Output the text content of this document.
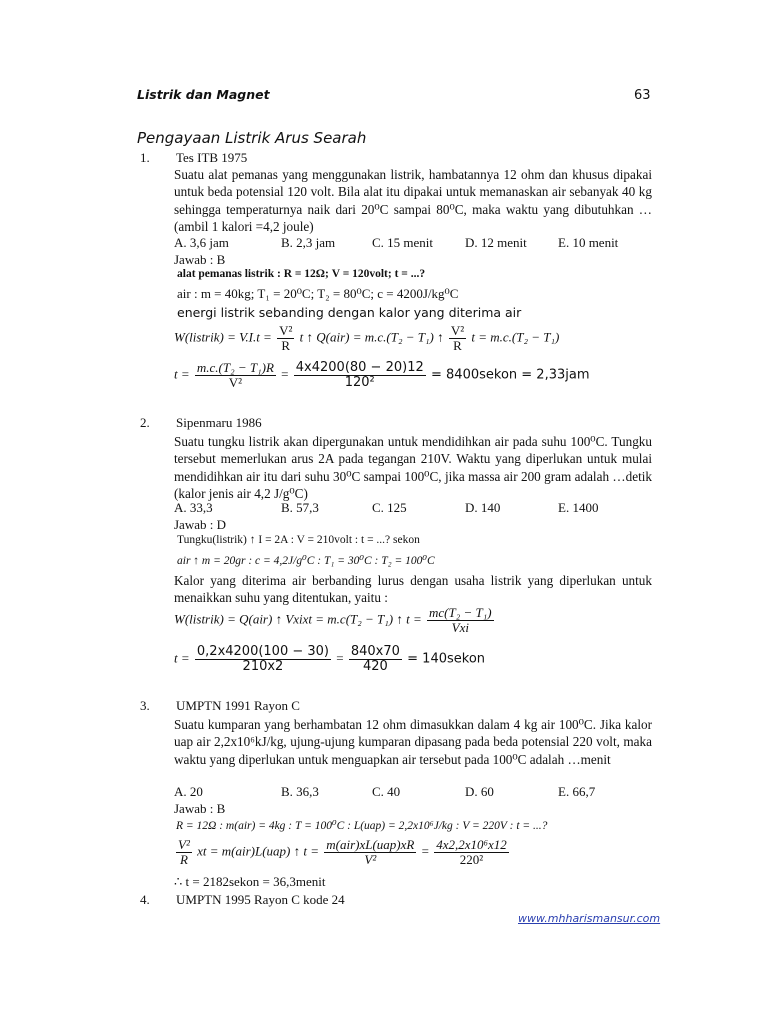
Listrik dan Magnet	63
Pengayaan Listrik Arus Searah
1. Tes ITB 1975
Suatu alat pemanas yang menggunakan listrik, hambatannya 12 ohm dan khusus dipakai untuk beda potensial 120 volt. Bila alat itu dipakai untuk memanaskan air sebanyak 40 kg sehingga temperaturnya naik dari 20⁰C sampai 80⁰C, maka waktu yang dibutuhkan …(ambil 1 kalori =4,2 joule)
A. 3,6 jam	B. 2,3 jam	C. 15 menit D. 12 menit E. 10 menit
Jawab : B
alat pemanas listrik : R = 12Ω; V = 120volt; t = ...?
air : m = 40kg; T₁ = 20⁰C; T₂ = 80⁰C; c = 4200J/kg⁰C
energi listrik sebanding dengan kalor yang diterima air
W(listrik) = $V.I.t = \frac{\text{V²}}{R}$ t ↑ Q(air) = m.c.(T₂ − T₁) ↑ $\frac{\text{V²}}{R}$ t = m.c.(T₂ − T₁)
$t = \frac{\text{m.c.(T₂ − T₁)R}}{\text{V²}} = \frac{4x4200(80 - 20)12}{\text{120²}}$ = 8400sekon = 2,33jam
2. Sipenmaru 1986
Suatu tungku listrik akan dipergunakan untuk mendidihkan air pada suhu 100⁰C. Tungku tersebut memerlukan arus 2A pada tegangan 210V. Waktu yang diperlukan untuk mulai mendidihkan air itu dari suhu 30⁰C sampai 100⁰C, jika massa air 200 gram adalah …detik (kalor jenis air 4,2 J/g⁰C)
A. 33,3	B. 57,3	C. 125	D. 140	E. 1400
Jawab : D
Tungku(listrik) ↑ I = 2A : V = 210volt : t = ...? sekon
air ↑ m = 20gr : c = 4,2J/g⁰C : T₁ = 30⁰C : T₂ = 100⁰C
Kalor yang diterima air berbanding lurus dengan usaha listrik yang diperlukan untuk menaikkan suhu yang ditentukan, yaitu :
W(listrik) = Q(air) ↑ Vxixt = m.c(T₂ − T₁) ↑ $t = \frac{\text{mc(T₂ − T₁)}}{\text{Vxi}}$
$t = \frac{0,2x4200(100 - 30)}{210x2} = \frac{840x70}{420}$ = 140sekon
3. UMPTN 1991 Rayon C
Suatu kumparan yang berhambatan 12 ohm dimasukkan dalam 4 kg air 100⁰C. Jika kalor uap air 2,2x10⁶kJ/kg, ujung-ujung kumparan dipasang pada beda potensial 220 volt, maka waktu yang diperlukan untuk menguapkan air tersebut pada 100⁰C adalah …menit
A. 20	B. 36,3	C. 40	D. 60	E. 66,7
Jawab : B
R = 12Ω : m(air) = 4kg : T = 100⁰C : L(uap) = 2,2x10⁶J/kg : V = 220V : t = ...?
$\frac{\text{V²}}{R}$ xt = m(air)L(uap) ↑ $t = \frac{\text{m(air)xL(uap)xR}}{\text{V²}} = \frac{\text{4x2,2x10⁶x12}}{\text{220²}}$
∴ t = 2182sekon = 36,3menit
4. UMPTN 1995 Rayon C kode 24
www.mhharismansur.com
